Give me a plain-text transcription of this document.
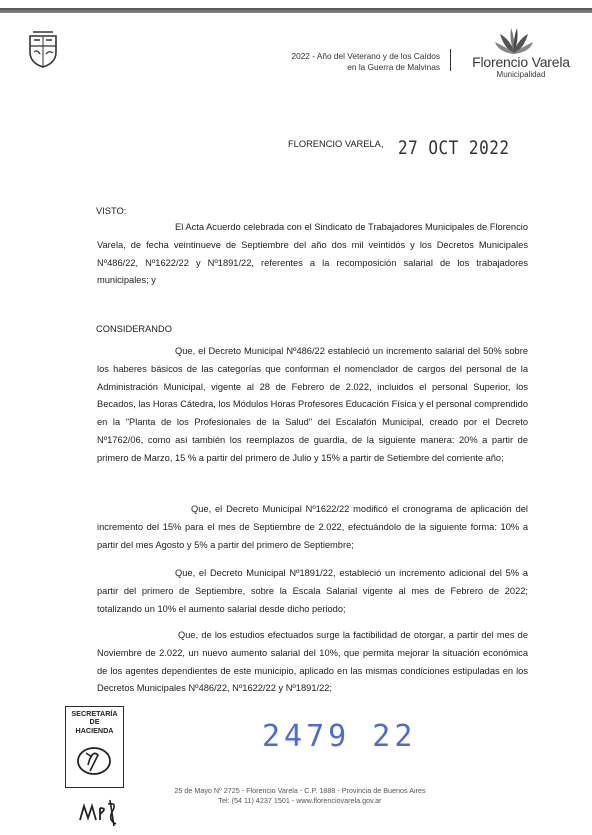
2022 - Año del Veterano y de los Caídos
en la Guerra de Malvinas	Florencio Varela
Municipalidad
FLORENCIO VARELA, 27 OCT 2022
VISTO:

El Acta Acuerdo celebrada con el Sindicato de Trabajadores Municipales de Florencio Varela, de fecha veintinueve de Septiembre del año dos mil veintidós y los Decretos Municipales Nº486/22, Nº1622/22 y Nº1891/22, referentes a la recomposición salarial de los trabajadores municipales; y

CONSIDERANDO

Que, el Decreto Municipal Nº486/22 estableció un incremento salarial del 50% sobre los haberes básicos de las categorías que conforman el nomenclador de cargos del personal de la Administración Municipal, vigente al 28 de Febrero de 2.022, incluidos el personal Superior, los Becados, las Horas Cátedra, los Módulos Horas Profesores Educación Física y el personal comprendido en la "Planta de los Profesionales de la Salud" del Escalafón Municipal, creado por el Decreto Nº1762/06, como así también los reemplazos de guardia, de la siguiente manera: 20% a partir de primero de Marzo, 15 % a partir del primero de Julio y 15% a partir de Setiembre del corriente año;

Que, el Decreto Municipal Nº1622/22 modificó el cronograma de aplicación del incremento del 15% para el mes de Septiembre de 2.022, efectuándolo de la siguiente forma: 10% a partir del mes Agosto y 5% a partir del primero de Septiembre;

Que, el Decreto Municipal Nº1891/22, estableció un incremento adicional del 5% a partir del primero de Septiembre, sobre la Escala Salarial vigente al mes de Febrero de 2022; totalizando un 10% el aumento salarial desde dicho periodo;

Que, de los estudios efectuados surge la factibilidad de otorgar, a partir del mes de Noviembre de 2.022, un nuevo aumento salarial del 10%, que permita mejorar la situación económica de los agentes dependientes de este municipio, aplicado en las mismas condiciones estipuladas en los Decretos Municipales Nº486/22, Nº1622/22 y Nº1891/22;

SECRETARÍA
DE
HACIENDA	2479 22
25 de Mayo Nº 2725 - Florencio Varela - C.P. 1888 - Provincia de Buenos Aires
Tel: (54 11) 4237 1501 - www.florenciovarela.gov.ar
